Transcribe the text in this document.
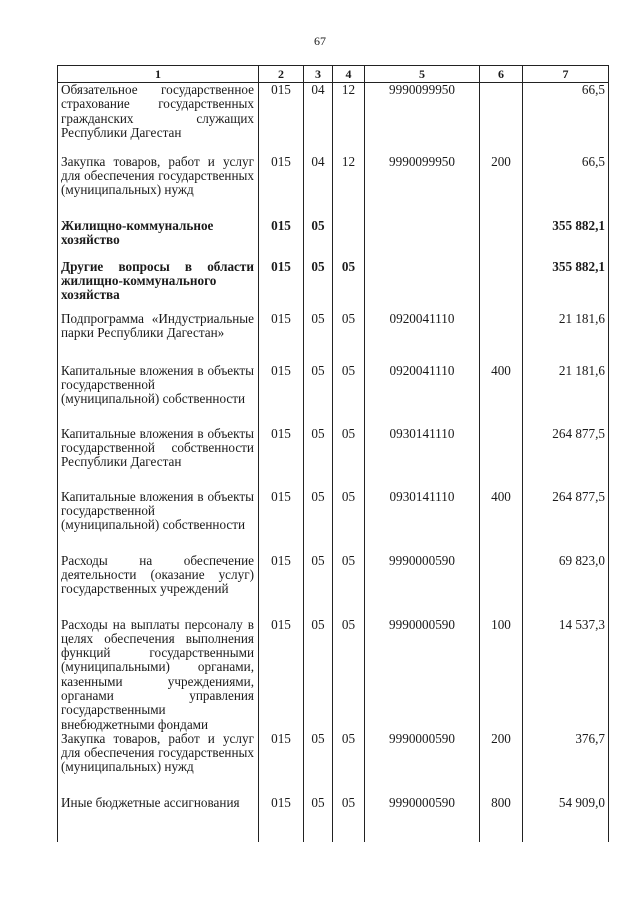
67
1	2	3	4	5	6	7
Обязательное государственное страхование государственных гражданских служащих Республики Дагестан	015	04	12	9990099950		66,5
Закупка товаров, работ и услуг для обеспечения государственных (муниципальных) нужд	015	04	12	9990099950	200	66,5
Жилищно-коммунальное хозяйство	015	05				355 882,1
Другие вопросы в области жилищно-коммунального хозяйства	015	05	05			355 882,1
Подпрограмма «Индустриальные парки Республики Дагестан»	015	05	05	0920041110		21 181,6
Капитальные вложения в объекты государственной (муниципальной) собственности	015	05	05	0920041110	400	21 181,6
Капитальные вложения в объекты государственной собственности Республики Дагестан	015	05	05	0930141110		264 877,5
Капитальные вложения в объекты государственной (муниципальной) собственности	015	05	05	0930141110	400	264 877,5
Расходы на обеспечение деятельности (оказание услуг) государственных учреждений	015	05	05	9990000590		69 823,0
Расходы на выплаты персоналу в целях обеспечения выполнения функций государственными (муниципальными) органами, казенными учреждениями, органами управления государственными внебюджетными фондами	015	05	05	9990000590	100	14 537,3
Закупка товаров, работ и услуг для обеспечения государственных (муниципальных) нужд	015	05	05	9990000590	200	376,7
Иные бюджетные ассигнования	015	05	05	9990000590	800	54 909,0
